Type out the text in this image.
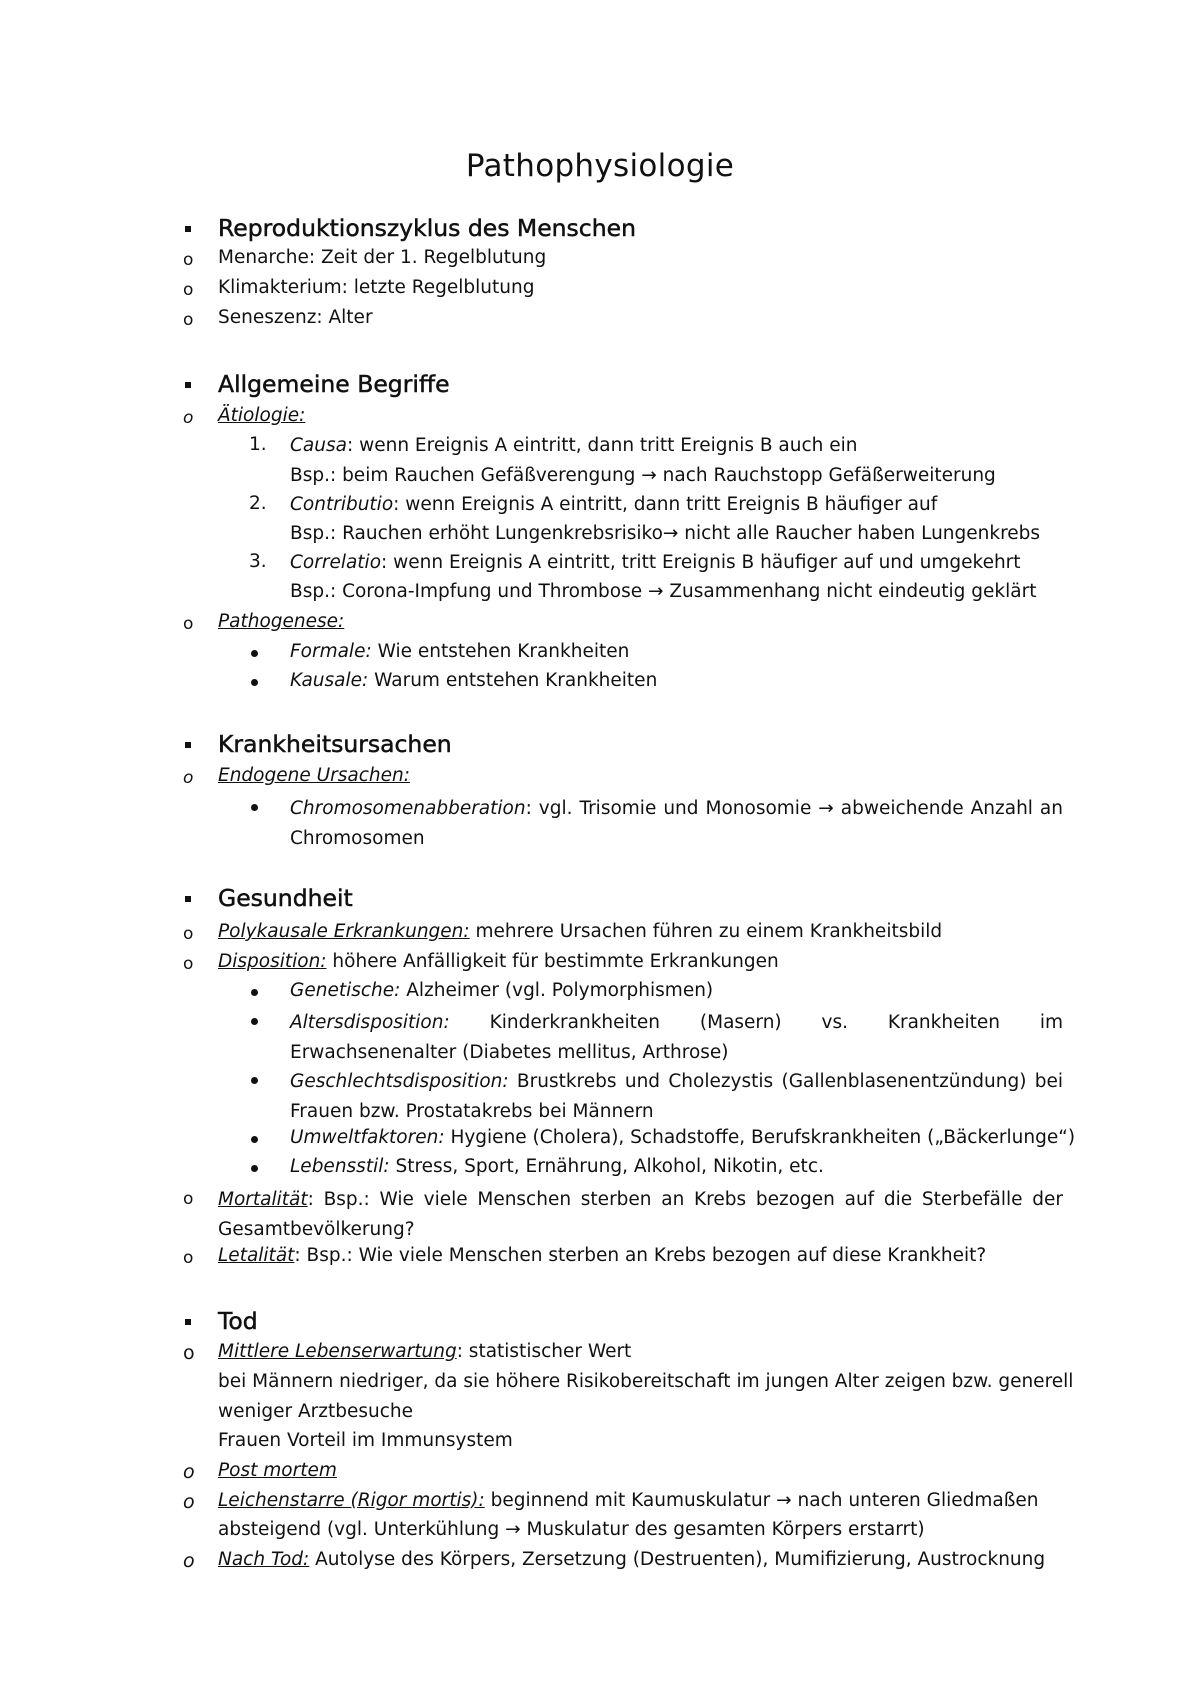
Pathophysiologie
Reproduktionszyklus des Menschen
o Menarche: Zeit der 1. Regelblutung
o Klimakterium: letzte Regelblutung
o Seneszenz: Alter
Allgemeine Begriffe
o Ätiologie:
1. Causa: wenn Ereignis A eintritt, dann tritt Ereignis B auch ein
Bsp.: beim Rauchen Gefäßverengung → nach Rauchstopp Gefäßerweiterung
2. Contributio: wenn Ereignis A eintritt, dann tritt Ereignis B häufiger auf
Bsp.: Rauchen erhöht Lungenkrebsrisiko→ nicht alle Raucher haben Lungenkrebs
3. Correlatio: wenn Ereignis A eintritt, tritt Ereignis B häufiger auf und umgekehrt
Bsp.: Corona-Impfung und Thrombose → Zusammenhang nicht eindeutig geklärt
o Pathogenese:
Formale: Wie entstehen Krankheiten
Kausale: Warum entstehen Krankheiten
Krankheitsursachen
o Endogene Ursachen:
Chromosomenabberation: vgl. Trisomie und Monosomie → abweichende Anzahl an Chromosomen
Gesundheit
o Polykausale Erkrankungen: mehrere Ursachen führen zu einem Krankheitsbild
o Disposition: höhere Anfälligkeit für bestimmte Erkrankungen
Genetische: Alzheimer (vgl. Polymorphismen)
Altersdisposition: Kinderkrankheiten (Masern) vs. Krankheiten im Erwachsenenalter (Diabetes mellitus, Arthrose)
Geschlechtsdisposition: Brustkrebs und Cholezystis (Gallenblasenentzündung) bei Frauen bzw. Prostatakrebs bei Männern
Umweltfaktoren: Hygiene (Cholera), Schadstoffe, Berufskrankheiten („Bäckerlunge“)
Lebensstil: Stress, Sport, Ernährung, Alkohol, Nikotin, etc.
o Mortalität: Bsp.: Wie viele Menschen sterben an Krebs bezogen auf die Sterbefälle der Gesamtbevölkerung?
o Letalität: Bsp.: Wie viele Menschen sterben an Krebs bezogen auf diese Krankheit?
Tod
o Mittlere Lebenserwartung: statistischer Wert
bei Männern niedriger, da sie höhere Risikobereitschaft im jungen Alter zeigen bzw. generell
weniger Arztbesuche
Frauen Vorteil im Immunsystem
o Post mortem
o Leichenstarre (Rigor mortis): beginnend mit Kaumuskulatur → nach unteren Gliedmaßen
absteigend (vgl. Unterkühlung → Muskulatur des gesamten Körpers erstarrt)
o Nach Tod: Autolyse des Körpers, Zersetzung (Destruenten), Mumifizierung, Austrocknung
